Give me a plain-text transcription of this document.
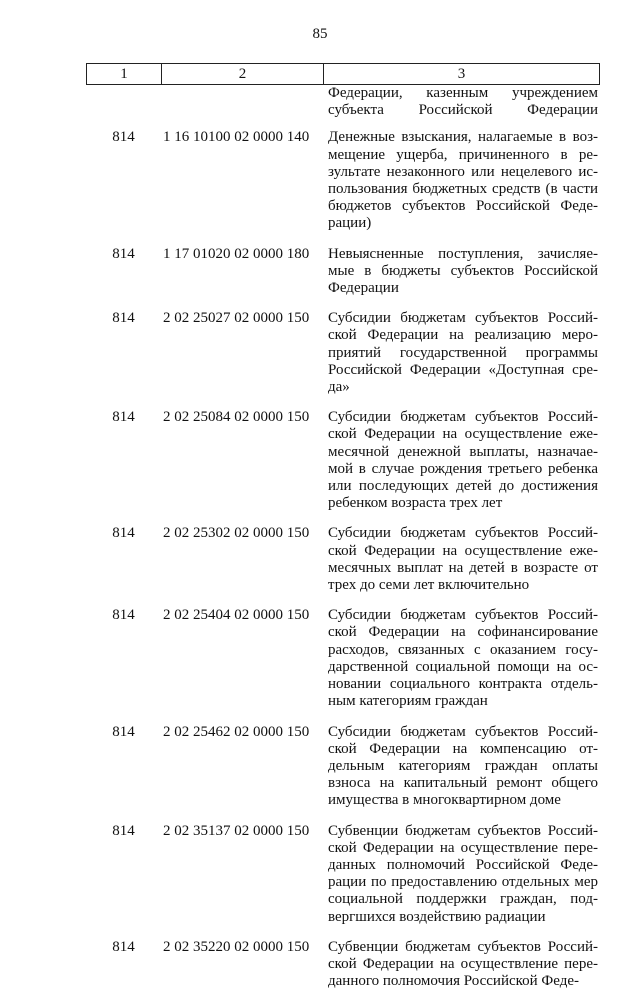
85
1	2	3
Федерации, казенным учреждением субъекта Российской Федерации
814	1 16 10100 02 0000 140	Денежные взыскания, налагаемые в воз-мещение ущерба, причиненного в ре-зультате незаконного или нецелевого ис-пользования бюджетных средств (в части бюджетов субъектов Российской Феде-рации)
814	1 17 01020 02 0000 180	Невыясненные поступления, зачисляе-мые в бюджеты субъектов Российской Федерации
814	2 02 25027 02 0000 150	Субсидии бюджетам субъектов Россий-ской Федерации на реализацию меро-приятий государственной программы Российской Федерации «Доступная сре-да»
814	2 02 25084 02 0000 150	Субсидии бюджетам субъектов Россий-ской Федерации на осуществление еже-месячной денежной выплаты, назначае-мой в случае рождения третьего ребенка или последующих детей до достижения ребенком возраста трех лет
814	2 02 25302 02 0000 150	Субсидии бюджетам субъектов Россий-ской Федерации на осуществление еже-месячных выплат на детей в возрасте от трех до семи лет включительно
814	2 02 25404 02 0000 150	Субсидии бюджетам субъектов Россий-ской Федерации на софинансирование расходов, связанных с оказанием госу-дарственной социальной помощи на ос-новании социального контракта отдель-ным категориям граждан
814	2 02 25462 02 0000 150	Субсидии бюджетам субъектов Россий-ской Федерации на компенсацию от-дельным категориям граждан оплаты взноса на капитальный ремонт общего имущества в многоквартирном доме
814	2 02 35137 02 0000 150	Субвенции бюджетам субъектов Россий-ской Федерации на осуществление пере-данных полномочий Российской Феде-рации по предоставлению отдельных мер социальной поддержки граждан, под-вергшихся воздействию радиации
814	2 02 35220 02 0000 150	Субвенции бюджетам субъектов Россий-ской Федерации на осуществление пере-данного полномочия Российской Феде-
